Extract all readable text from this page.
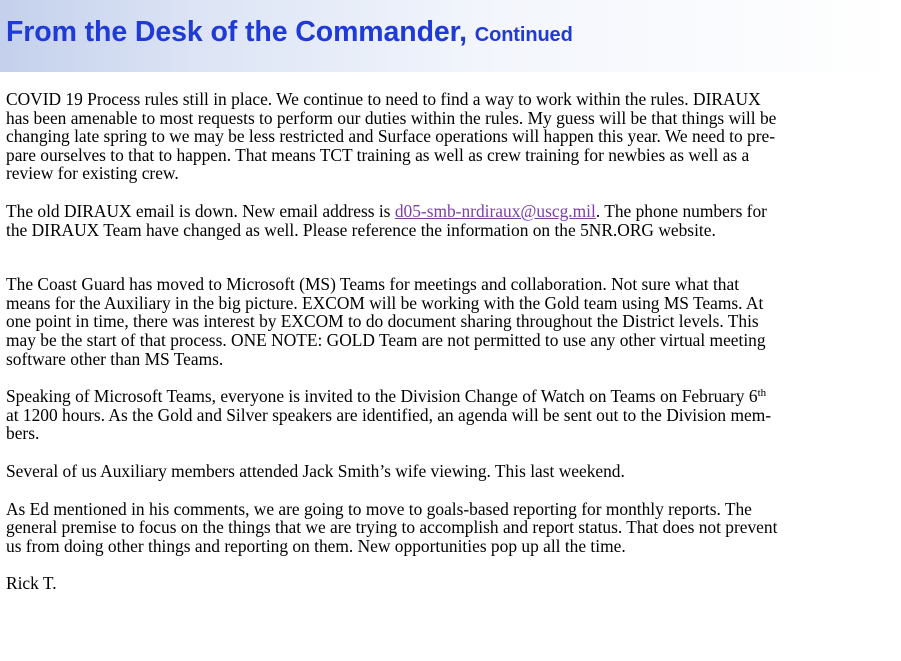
From the Desk of the Commander, Continued

COVID 19 Process rules still in place. We continue to need to find a way to work within the rules. DIRAUX
has been amenable to most requests to perform our duties within the rules. My guess will be that things will be
changing late spring to we may be less restricted and Surface operations will happen this year. We need to pre-
pare ourselves to that to happen. That means TCT training as well as crew training for newbies as well as a
review for existing crew.

The old DIRAUX email is down. New email address is d05-smb-nrdiraux@uscg.mil. The phone numbers for
the DIRAUX Team have changed as well. Please reference the information on the 5NR.ORG website.

The Coast Guard has moved to Microsoft (MS) Teams for meetings and collaboration. Not sure what that
means for the Auxiliary in the big picture. EXCOM will be working with the Gold team using MS Teams. At
one point in time, there was interest by EXCOM to do document sharing throughout the District levels. This
may be the start of that process. ONE NOTE: GOLD Team are not permitted to use any other virtual meeting
software other than MS Teams.

Speaking of Microsoft Teams, everyone is invited to the Division Change of Watch on Teams on February 6th
at 1200 hours. As the Gold and Silver speakers are identified, an agenda will be sent out to the Division mem-
bers.

Several of us Auxiliary members attended Jack Smith’s wife viewing. This last weekend.

As Ed mentioned in his comments, we are going to move to goals-based reporting for monthly reports. The
general premise to focus on the things that we are trying to accomplish and report status. That does not prevent
us from doing other things and reporting on them. New opportunities pop up all the time.

Rick T.
